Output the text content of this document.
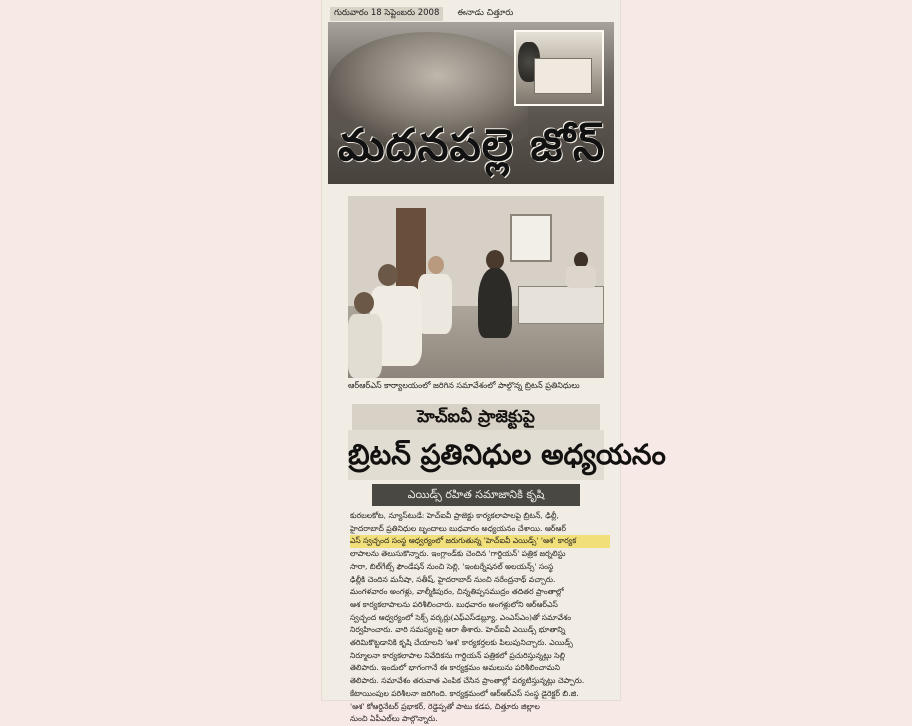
గురువారం 18 సెప్టెంబరు 2008	ఈనాడు చిత్తూరు
మదనపల్లె జోన్
ఆర్ఆర్ఎస్ కార్యాలయంలో జరిగిన సమావేశంలో పాల్గొన్న బ్రిటన్ ప్రతినిధులు
హెచ్ఐవీ ప్రాజెక్టుపై
బ్రిటన్ ప్రతినిధుల అధ్యయనం
ఎయిడ్స్ రహిత సమాజానికి కృషి
కురబలకోట, న్యూస్‌టుడే: హెచ్ఐవీ ప్రాజెక్టు కార్యకలాపాలపై బ్రిటన్, ఢిల్లీ,
హైదరాబాద్ ప్రతినిధుల బృందాలు బుధవారం అధ్యయనం చేశాయి. ఆర్ఆర్
ఎస్ స్వచ్ఛంద సంస్థ ఆధ్వర్యంలో జరుగుతున్న 'హెచ్ఐవీ ఎయిడ్స్' 'ఆశ' కార్యక
లాపాలను తెలుసుకొన్నారు. ఇంగ్లాండ్‌కు చెందిన 'గార్డియన్' పత్రిక జర్నలిస్టు
సారా, బిల్‌గేట్స్ ఫౌండేషన్ నుంచి సెల్లి, 'ఇంటర్నేషనల్ అలయన్స్' సంస్థ
ఢిల్లీకి చెందిన మనీషా, సతీష్, హైదరాబాద్ నుంచి నరేంద్రనాథ్ వచ్చారు.
మంగళవారం అంగళ్లు, వాల్మీకిపురం, చిన్నతిప్పసముద్రం తదితర ప్రాంతాల్లో
ఆశ కార్యకలాపాలను పరిశీలించారు. బుధవారం అంగళ్లులోని ఆర్ఆర్ఎస్
స్వచ్ఛంద ఆధ్వర్యంలో సెక్స్ వర్కర్లు(ఎఫ్ఎస్‌డబ్ల్యూ, ఎంఎస్ఎం)తో సమావేశం
నిర్వహించారు. వారి సమస్యలపై ఆరా తీశారు. హెచ్ఐవీ ఎయిడ్స్ భూతాన్ని
తరిమికొట్టడానికి కృషి చేయాలని 'ఆశ' కార్యకర్తలకు పిలుపునిచ్చారు. ఎయిడ్స్
నిర్మూలనా కార్యకలాపాల నివేదికను గార్డియన్ పత్రికలో ప్రచురిస్తున్నట్లు సెల్లి
తెలిపారు. ఇందులో భాగంగానే ఈ కార్యక్రమం అమలును పరిశీలించామని
తెలిపారు. సమావేశం తరువాత ఎంపిక చేసిన ప్రాంతాల్లో పర్యటిస్తున్నట్లు చెప్పారు.
కేటాయింపుల పరిశీలనా జరిగింది. కార్యక్రమంలో ఆర్ఆర్ఎస్ సంస్థ డైరెక్టర్ బి.జి.
'ఆశ' కోఆర్డినేటర్ ప్రభాకర్, రెడ్డెప్పతో పాటు కడప, చిత్తూరు జిల్లాల
నుంచి ఏపీఎల్‌లు పాల్గొన్నారు.
